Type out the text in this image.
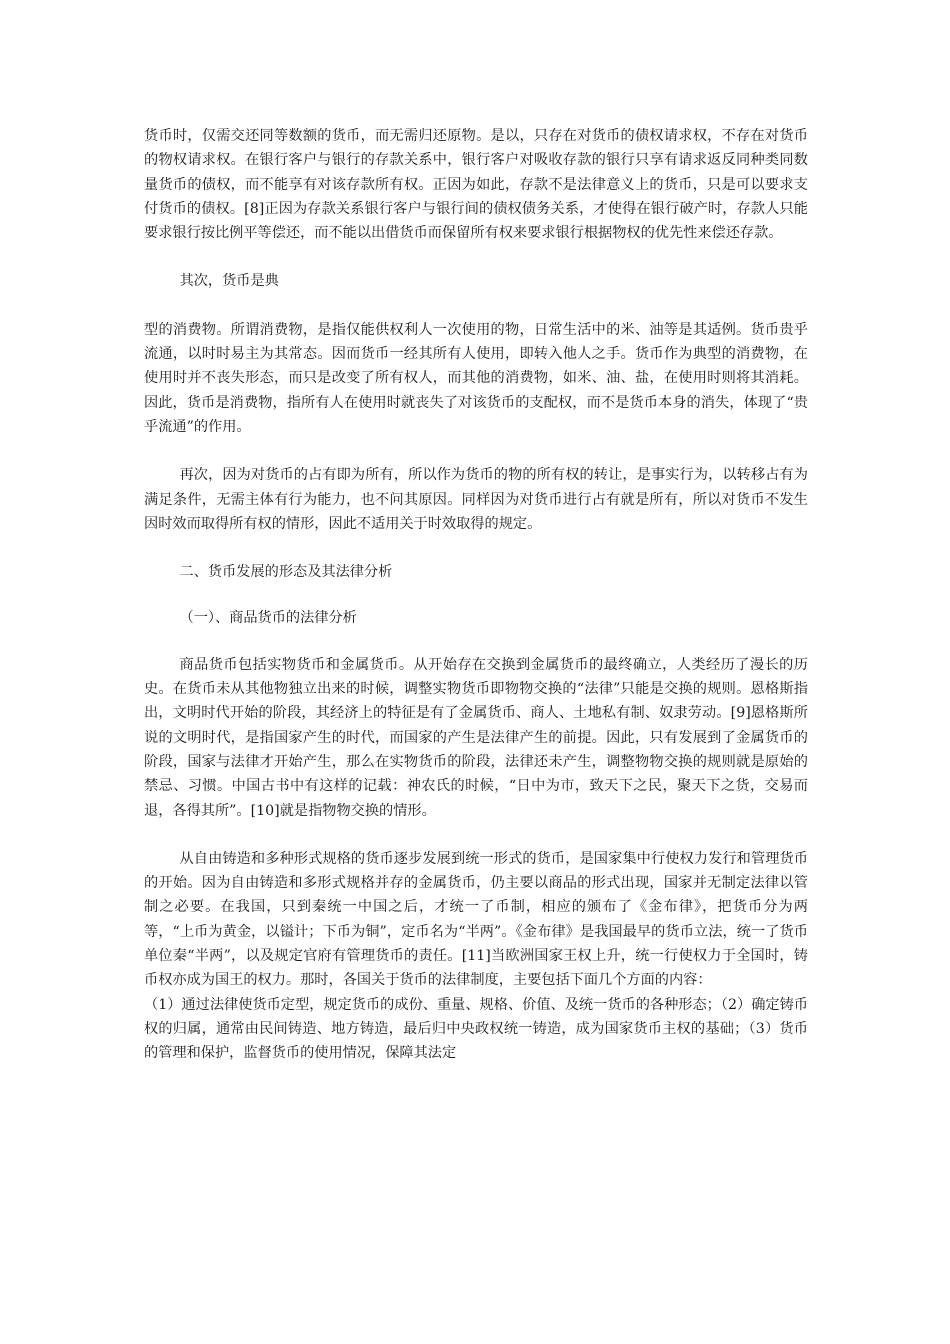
货币时，仅需交还同等数额的货币，而无需归还原物。是以，只存在对货币的债权请求权，不存在对货币的物权请求权。在银行客户与银行的存款关系中，银行客户对吸收存款的银行只享有请求返反同种类同数量货币的债权，而不能享有对该存款所有权。正因为如此，存款不是法律意义上的货币，只是可以要求支付货币的债权。[8]正因为存款关系银行客户与银行间的债权债务关系，才使得在银行破产时，存款人只能要求银行按比例平等偿还，而不能以出借货币而保留所有权来要求银行根据物权的优先性来偿还存款。

其次，货币是典

型的消费物。所谓消费物，是指仅能供权利人一次使用的物，日常生活中的米、油等是其适例。货币贵乎流通，以时时易主为其常态。因而货币一经其所有人使用，即转入他人之手。货币作为典型的消费物，在使用时并不丧失形态，而只是改变了所有权人，而其他的消费物，如米、油、盐，在使用时则将其消耗。因此，货币是消费物，指所有人在使用时就丧失了对该货币的支配权，而不是货币本身的消失，体现了“贵乎流通”的作用。

再次，因为对货币的占有即为所有，所以作为货币的物的所有权的转让，是事实行为，以转移占有为满足条件，无需主体有行为能力，也不问其原因。同样因为对货币进行占有就是所有，所以对货币不发生因时效而取得所有权的情形，因此不适用关于时效取得的规定。

二、货币发展的形态及其法律分析

（一）、商品货币的法律分析

商品货币包括实物货币和金属货币。从开始存在交换到金属货币的最终确立，人类经历了漫长的历史。在货币未从其他物独立出来的时候，调整实物货币即物物交换的“法律”只能是交换的规则。恩格斯指出，文明时代开始的阶段，其经济上的特征是有了金属货币、商人、土地私有制、奴隶劳动。[9]恩格斯所说的文明时代，是指国家产生的时代，而国家的产生是法律产生的前提。因此，只有发展到了金属货币的阶段，国家与法律才开始产生，那么在实物货币的阶段，法律还未产生，调整物物交换的规则就是原始的禁忌、习惯。中国古书中有这样的记载：神农氏的时候，“日中为市，致天下之民，聚天下之货，交易而退，各得其所”。[10]就是指物物交换的情形。

从自由铸造和多种形式规格的货币逐步发展到统一形式的货币，是国家集中行使权力发行和管理货币的开始。因为自由铸造和多形式规格并存的金属货币，仍主要以商品的形式出现，国家并无制定法律以管制之必要。在我国，只到秦统一中国之后，才统一了币制，相应的颁布了《金布律》，把货币分为两等，“上币为黄金，以镒计；下币为铜”，定币名为“半两”。《金布律》是我国最早的货币立法，统一了货币单位秦“半两”，以及规定官府有管理货币的责任。[11]当欧洲国家王权上升，统一行使权力于全国时，铸币权亦成为国王的权力。那时，各国关于货币的法律制度，主要包括下面几个方面的内容：

（1）通过法律使货币定型，规定货币的成份、重量、规格、价值、及统一货币的各种形态；（2）确定铸币权的归属，通常由民间铸造、地方铸造，最后归中央政权统一铸造，成为国家货币主权的基础；（3）货币的管理和保护，监督货币的使用情况，保障其法定
